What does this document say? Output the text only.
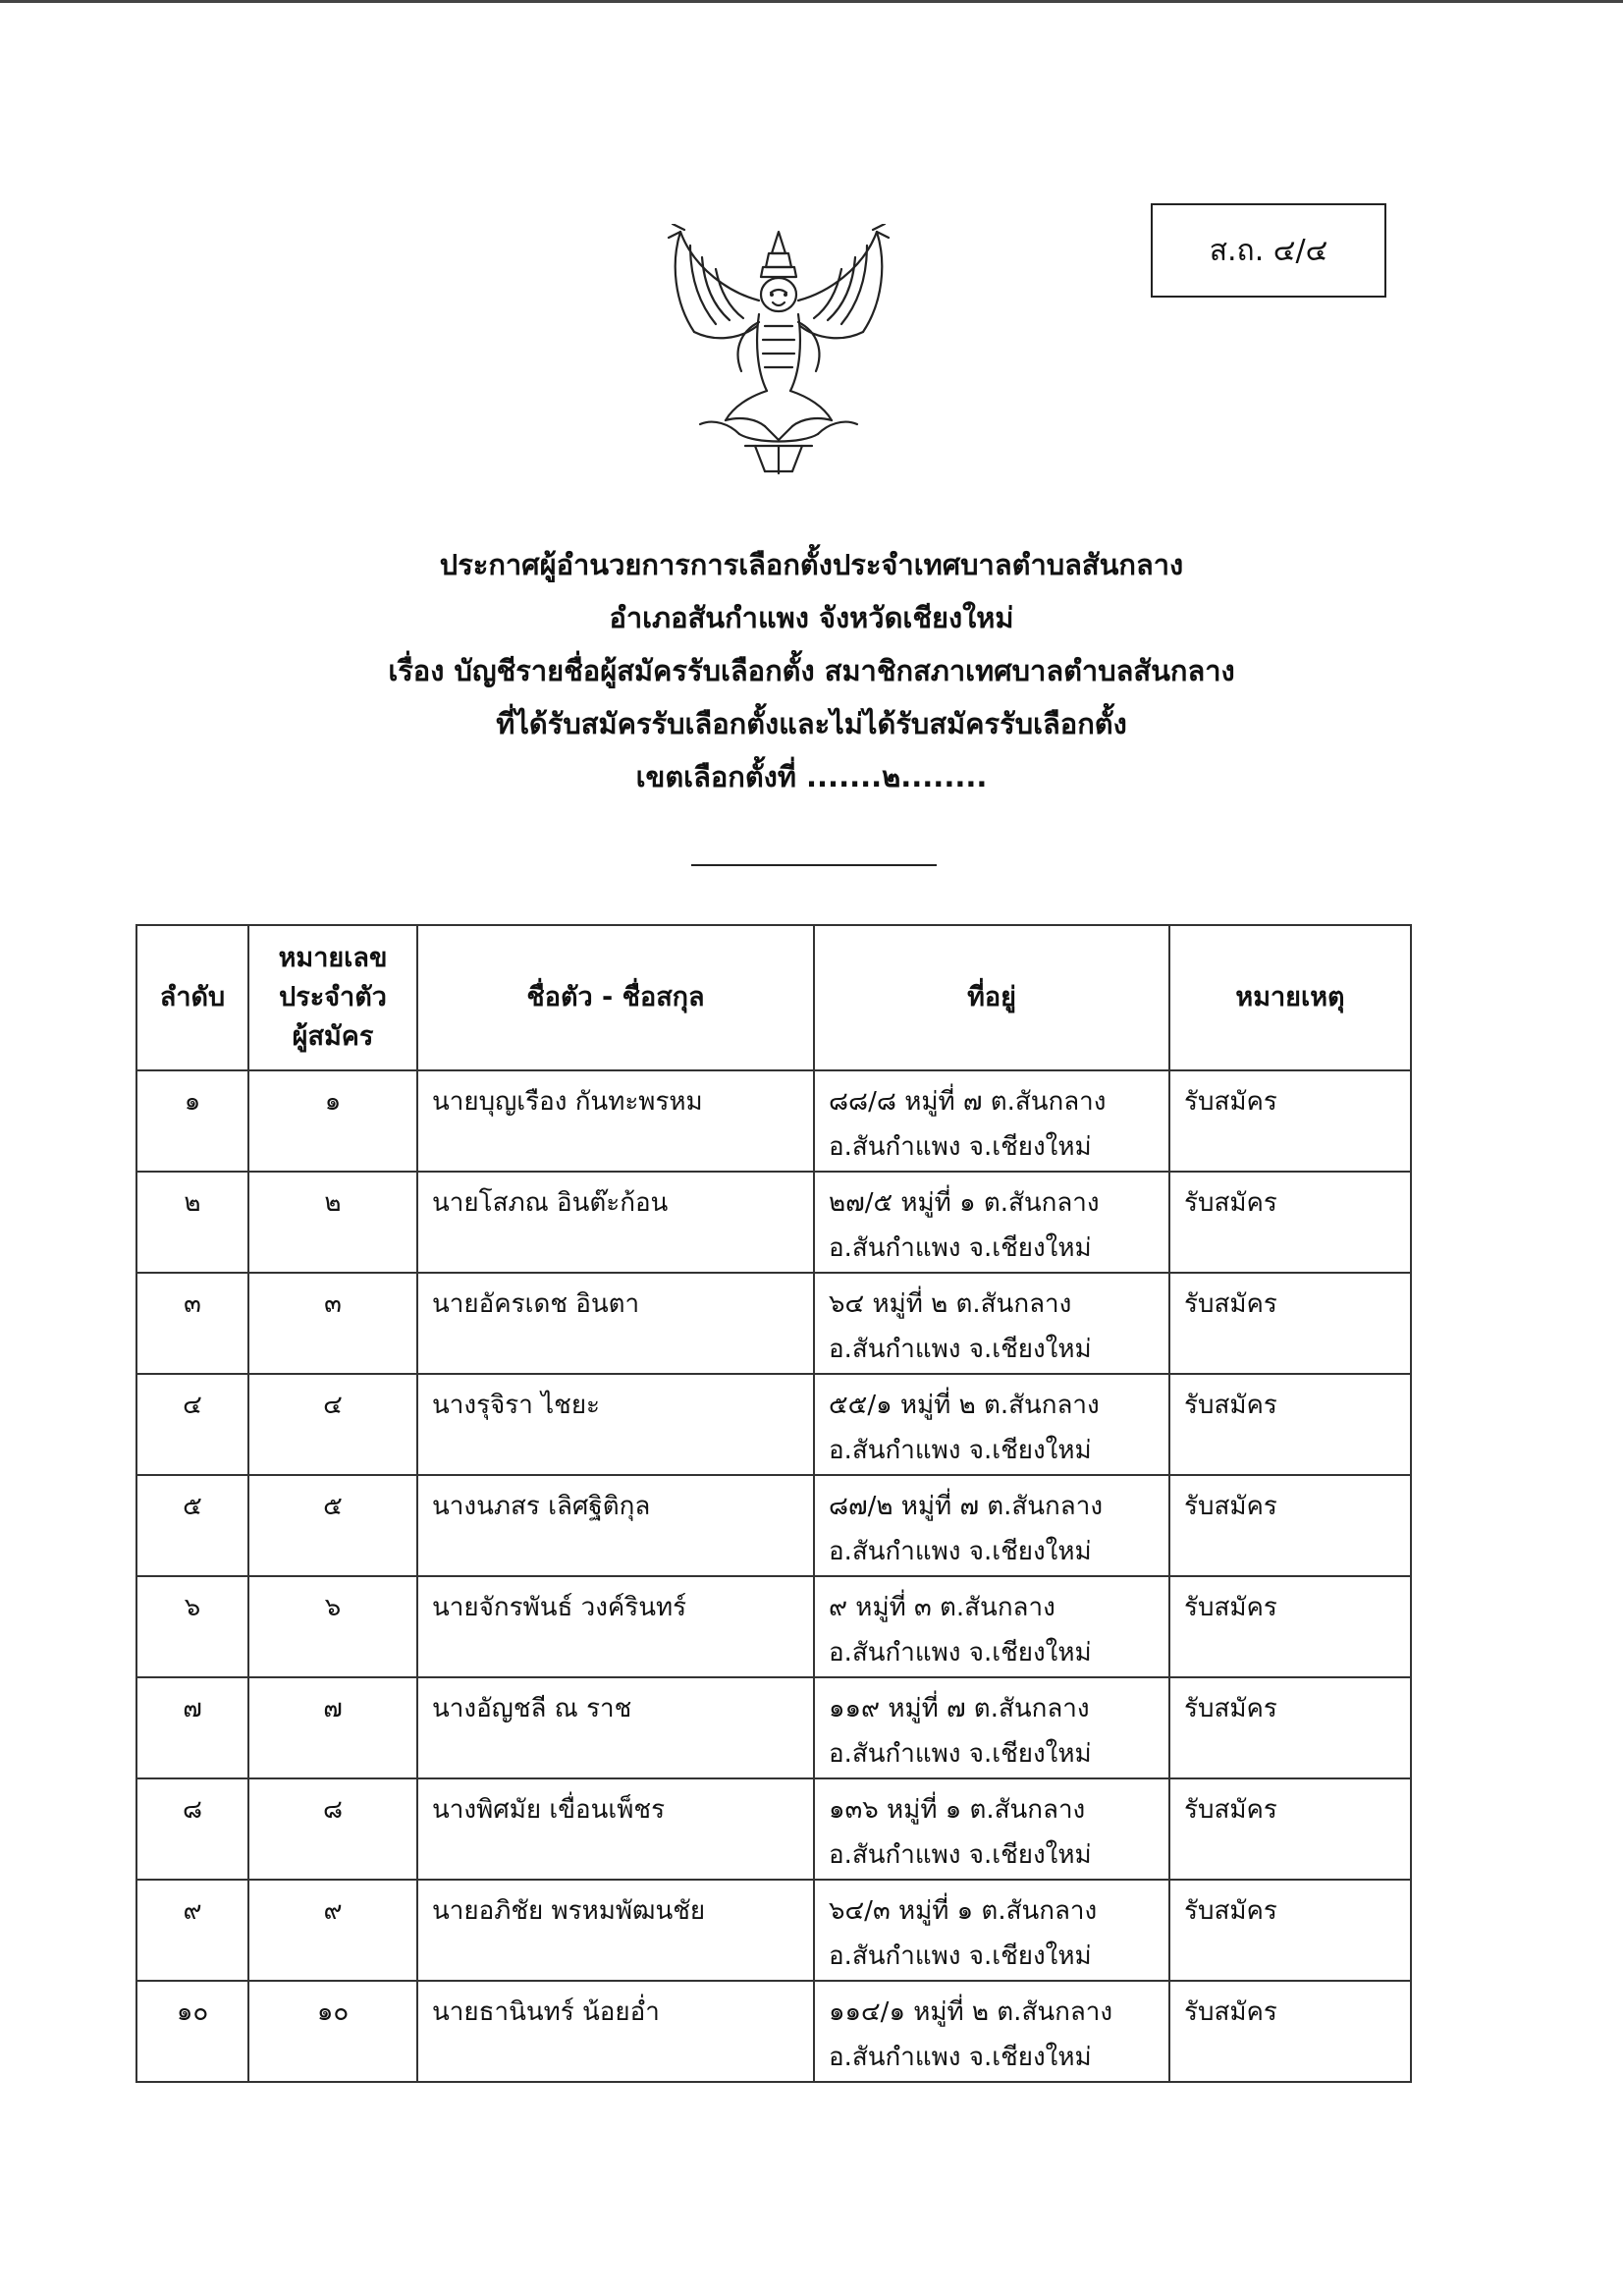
ส.ถ. ๔/๔
ประกาศผู้อำนวยการการเลือกตั้งประจำเทศบาลตำบลสันกลาง
อำเภอสันกำแพง จังหวัดเชียงใหม่
เรื่อง บัญชีรายชื่อผู้สมัครรับเลือกตั้ง สมาชิกสภาเทศบาลตำบลสันกลาง
ที่ได้รับสมัครรับเลือกตั้งและไม่ได้รับสมัครรับเลือกตั้ง
เขตเลือกตั้งที่ .......๒........
ลำดับ	หมายเลข
ประจำตัว
ผู้สมัคร	ชื่อตัว - ชื่อสกุล	ที่อยู่	หมายเหตุ
๑	๑	นายบุญเรือง กันทะพรหม	๘๘/๘ หมู่ที่ ๗ ต.สันกลาง
อ.สันกำแพง จ.เชียงใหม่	รับสมัคร
๒	๒	นายโสภณ อินต๊ะก้อน	๒๗/๕ หมู่ที่ ๑ ต.สันกลาง
อ.สันกำแพง จ.เชียงใหม่	รับสมัคร
๓	๓	นายอัครเดช อินตา	๖๔ หมู่ที่ ๒ ต.สันกลาง
อ.สันกำแพง จ.เชียงใหม่	รับสมัคร
๔	๔	นางรุจิรา ไชยะ	๕๕/๑ หมู่ที่ ๒ ต.สันกลาง
อ.สันกำแพง จ.เชียงใหม่	รับสมัคร
๕	๕	นางนภสร เลิศฐิติกุล	๘๗/๒ หมู่ที่ ๗ ต.สันกลาง
อ.สันกำแพง จ.เชียงใหม่	รับสมัคร
๖	๖	นายจักรพันธ์ วงค์รินทร์	๙ หมู่ที่ ๓ ต.สันกลาง
อ.สันกำแพง จ.เชียงใหม่	รับสมัคร
๗	๗	นางอัญชลี ณ ราช	๑๑๙ หมู่ที่ ๗ ต.สันกลาง
อ.สันกำแพง จ.เชียงใหม่	รับสมัคร
๘	๘	นางพิศมัย เขื่อนเพ็ชร	๑๓๖ หมู่ที่ ๑ ต.สันกลาง
อ.สันกำแพง จ.เชียงใหม่	รับสมัคร
๙	๙	นายอภิชัย พรหมพัฒนชัย	๖๔/๓ หมู่ที่ ๑ ต.สันกลาง
อ.สันกำแพง จ.เชียงใหม่	รับสมัคร
๑๐	๑๐	นายธานินทร์ น้อยอ่ำ	๑๑๔/๑ หมู่ที่ ๒ ต.สันกลาง
อ.สันกำแพง จ.เชียงใหม่	รับสมัคร
